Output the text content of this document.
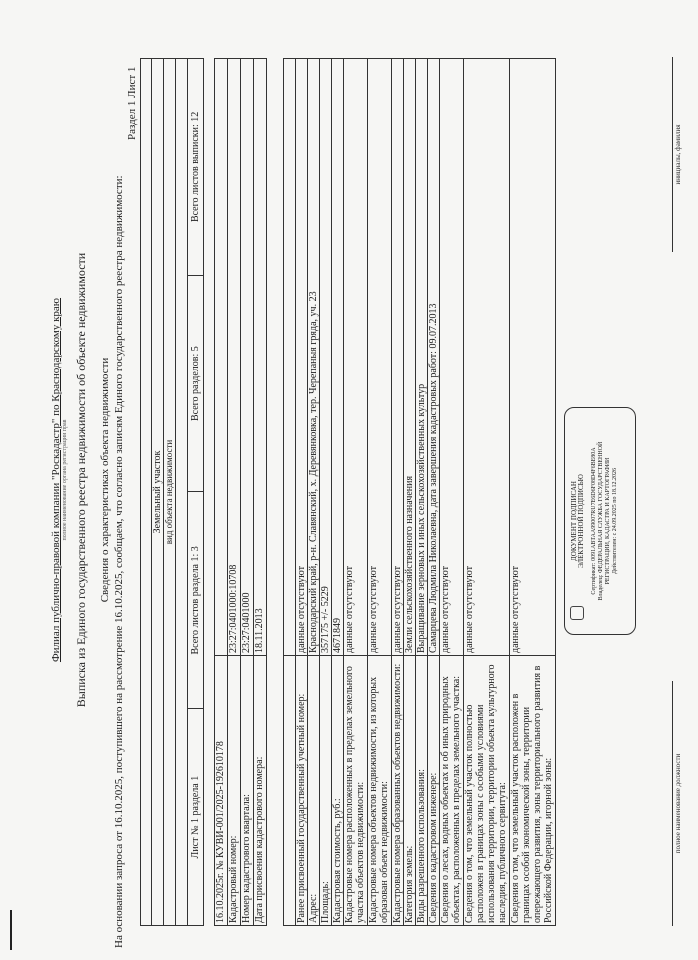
Филиал публично-правовой компании "Роскадастр" по Краснодарскому краю полное наименование органа регистрации прав Выписка из Единого государственного реестра недвижимости об объекте недвижимости Сведения о характеристиках объекта недвижимости На основании запроса от 16.10.2025, поступившего на рассмотрение 16.10.2025, сообщаем, что согласно записям Единого государственного реестра недвижимости:
Раздел 1 Лист 1

Земельный участок
вид объекта недвижимости

Лист № 1 раздела 1	Всего листов раздела 1: 3	Всего разделов: 5	Всего листов выписки: 12
16.10.2025г. № КУВИ-001/2025-192610178	
Кадастровый номер:	23:27:0401000:10708
Номер кадастрового квартала:	23:27:0401000
Дата присвоения кадастрового номера:	18.11.2013

Ранее присвоенный государственный учетный номер:	данные отсутствуют
Адрес:	Краснодарский край, р-н. Славянский, х. Деревянковка, тер. Черепаныя гряда, уч. 23
Площадь:	357175 +/- 5229
Кадастровая стоимость, руб.:	4671849
Кадастровые номера расположенных в пределах земельного участка объектов недвижимости:	данные отсутствуют
Кадастровые номера объектов недвижимости, из которых образован объект недвижимости:	данные отсутствуют
Кадастровые номера образованных объектов недвижимости:	данные отсутствуют
Категория земель:	Земли сельскохозяйственного назначения
Виды разрешенного использования:	Выращивание зерновых и иных сельскохозяйственных культур
Сведения о кадастровом инженере:	Самарцева Людмила Николаевна, дата завершения кадастровых работ: 09.07.2013
Сведения о лесах, водных объектах и об иных природных объектах, расположенных в пределах земельного участка:	данные отсутствуют
Сведения о том, что земельный участок полностью расположен в границах зоны с особыми условиями использования территории, территории объекта культурного наследия, публичного сервитута:	данные отсутствуют
Сведения о том, что земельный участок расположен в границах особой экономической зоны, территории опережающего развития, зоны территориального развития в Российской Федерации, игорной зоны:	данные отсутствуют
полное наименование должности
инициалы, фамилия
ДОКУМЕНТ ПОДПИСАН ЭЛЕКТРОННОЙ ПОДПИСЬЮ Сертификат: 0091ABTAA99007RU7E6D6F08D4F6BE80A Владелец: ФЕДЕРАЛЬНАЯ СЛУЖБА ГОСУДАРСТВЕННОЙ РЕГИСТРАЦИИ, КАДАСТРА И КАРТОГРАФИИ Действителен: с 24.09.2025 по 18.12.2026
